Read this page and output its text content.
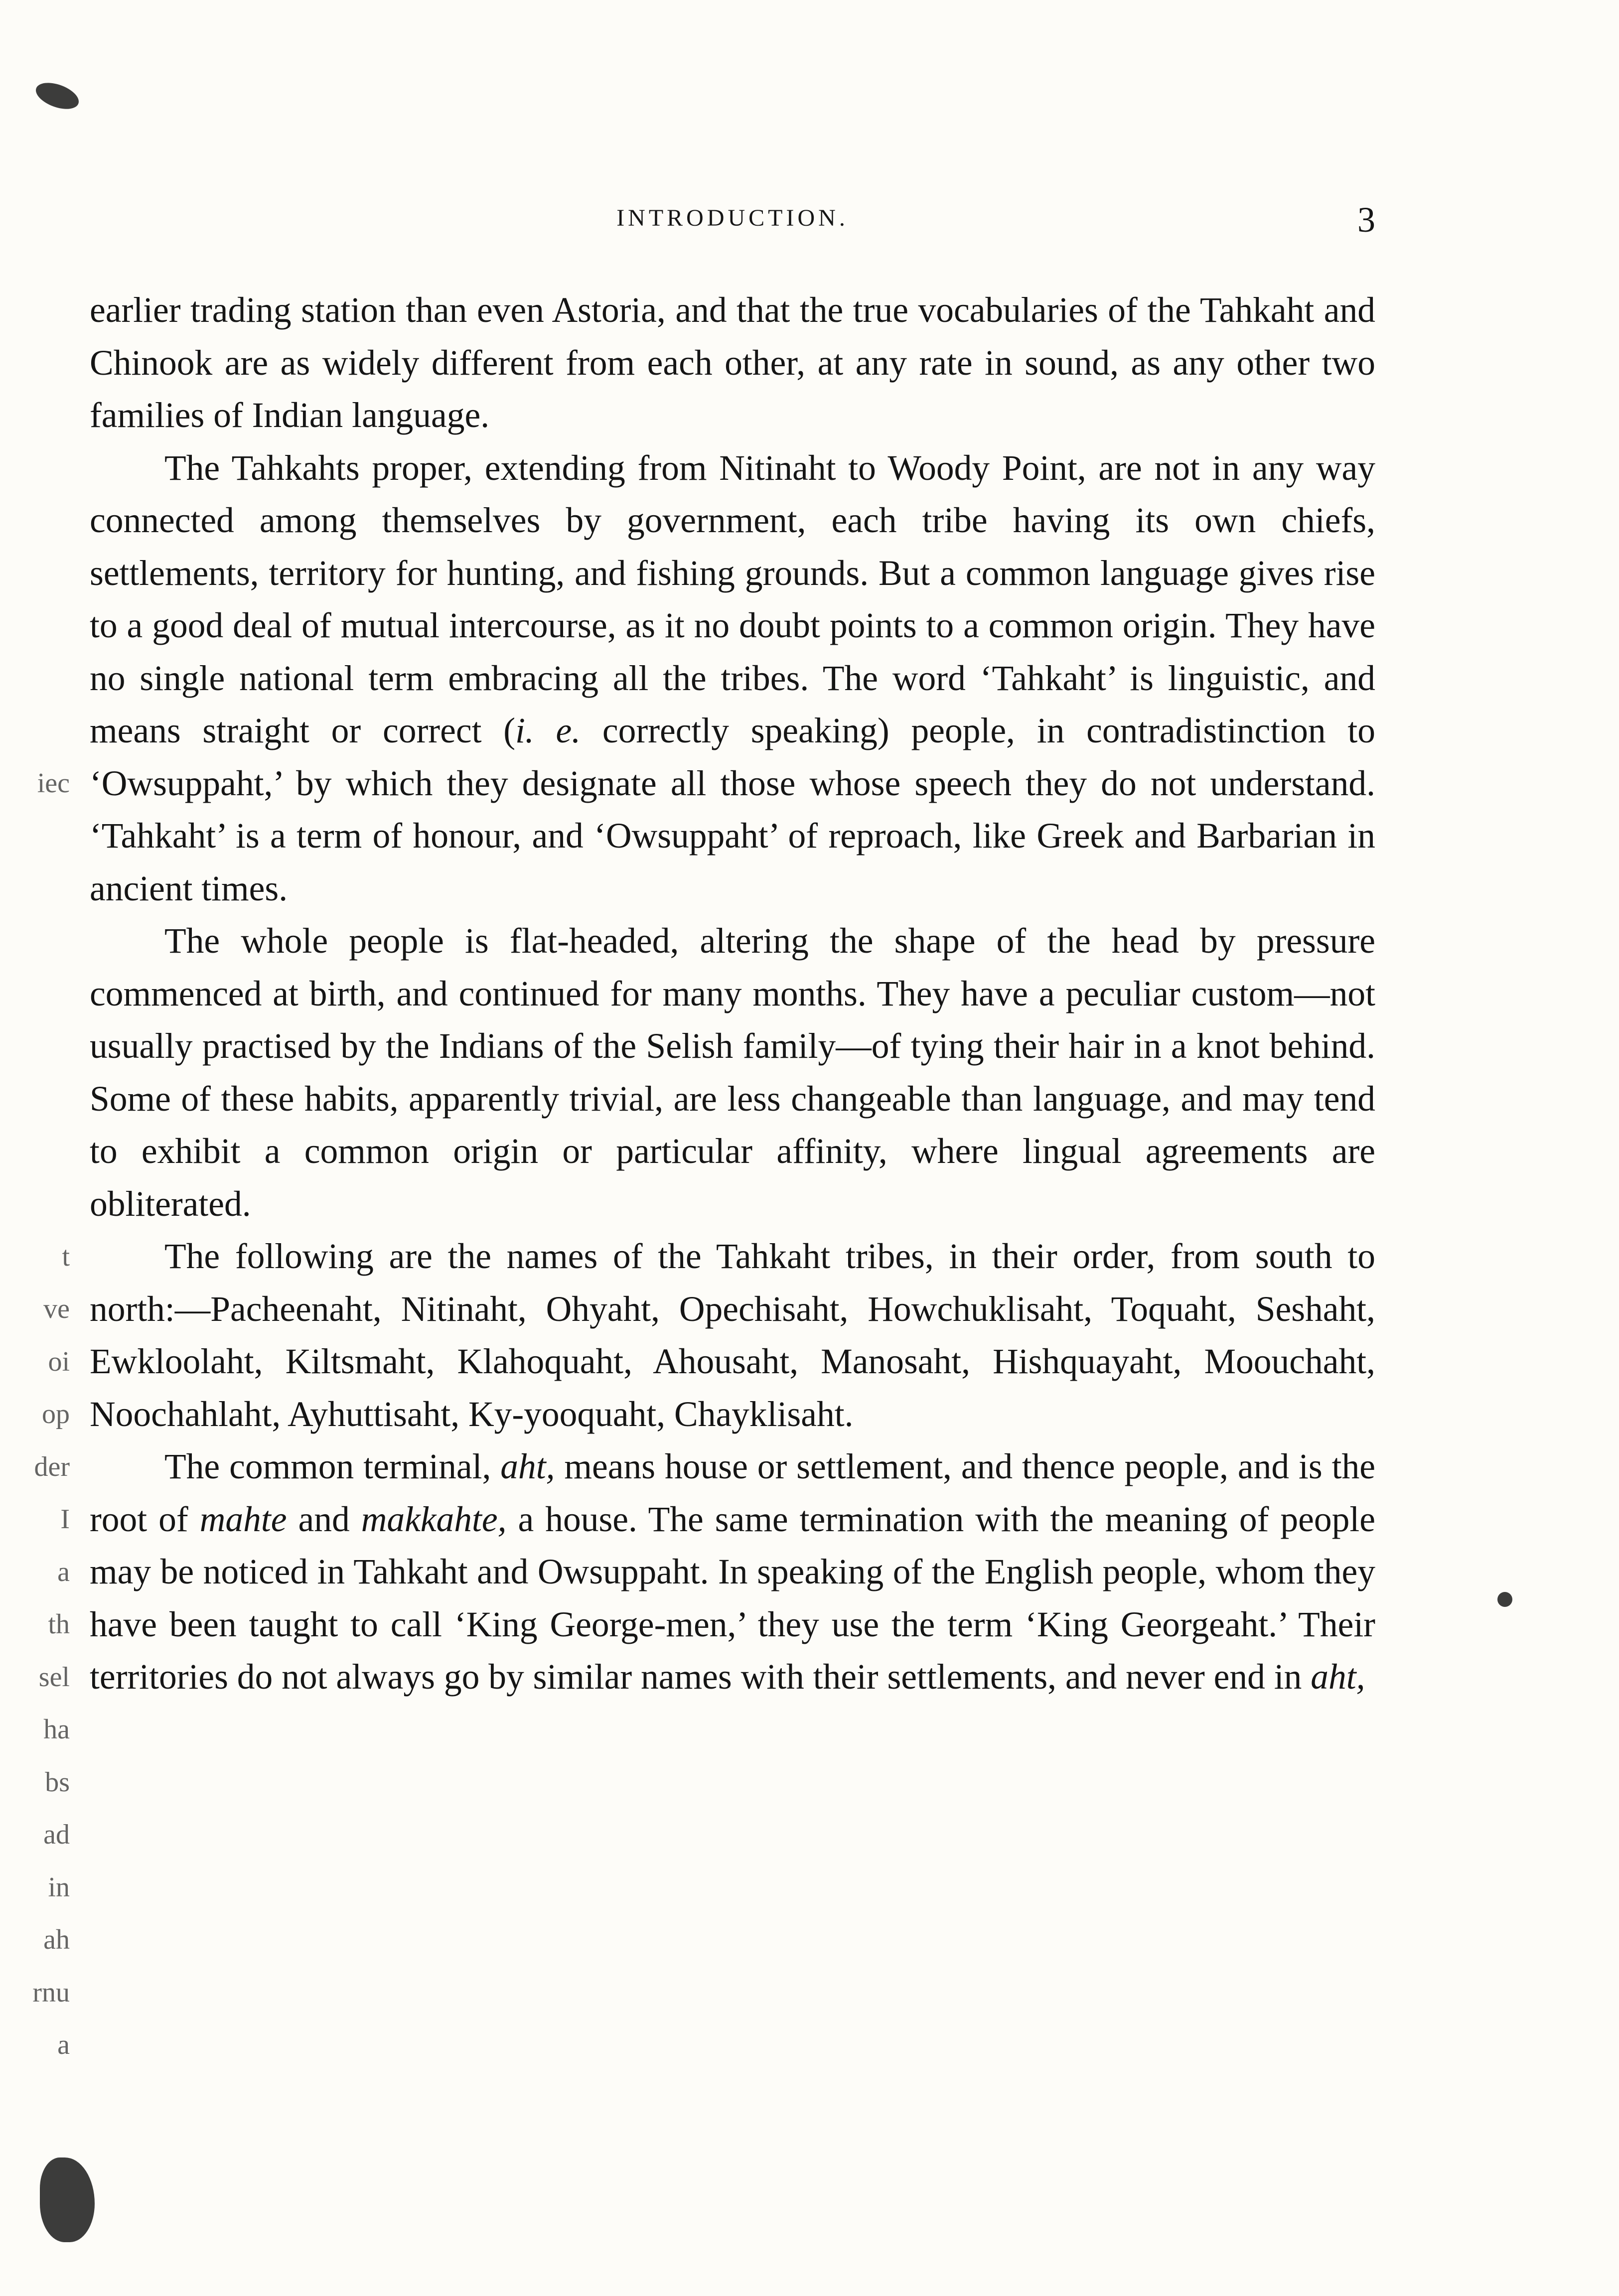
INTRODUCTION.	3

earlier trading station than even Astoria, and that the true vocabularies of the Tahkaht and Chinook are as widely different from each other, at any rate in sound, as any other two families of Indian language.

The Tahkahts proper, extending from Nitinaht to Woody Point, are not in any way connected among themselves by government, each tribe having its own chiefs, settlements, territory for hunting, and fishing grounds. But a common language gives rise to a good deal of mutual intercourse, as it no doubt points to a common origin. They have no single national term embracing all the tribes. The word ‘Tahkaht’ is linguistic, and means straight or correct (i. e. correctly speaking) people, in contradistinction to ‘Owsuppaht,’ by which they designate all those whose speech they do not understand. ‘Tahkaht’ is a term of honour, and ‘Owsuppaht’ of reproach, like Greek and Barbarian in ancient times.

The whole people is flat-headed, altering the shape of the head by pressure commenced at birth, and continued for many months. They have a peculiar custom—not usually practised by the Indians of the Selish family—of tying their hair in a knot behind. Some of these habits, apparently trivial, are less changeable than language, and may tend to exhibit a common origin or particular affinity, where lingual agreements are obliterated.

The following are the names of the Tahkaht tribes, in their order, from south to north:—Pacheenaht, Nitinaht, Ohyaht, Opechisaht, Howchuklisaht, Toquaht, Seshaht, Ewkloolaht, Kiltsmaht, Klahoquaht, Ahousaht, Manosaht, Hishquayaht, Moouchaht, Noochahlaht, Ayhuttisaht, Ky-yooquaht, Chayklisaht.

The common terminal, aht, means house or settlement, and thence people, and is the root of mahte and makkahte, a house. The same termination with the meaning of people may be noticed in Tahkaht and Owsuppaht. In speaking of the English people, whom they have been taught to call ‘King George-men,’ they use the term ‘King Georgeaht.’ Their territories do not always go by similar names with their settlements, and never end in aht,

iec
t
ve
oi
op
der
I
a
th
sel
ha
bs
ad
in
ah
rnu
a
